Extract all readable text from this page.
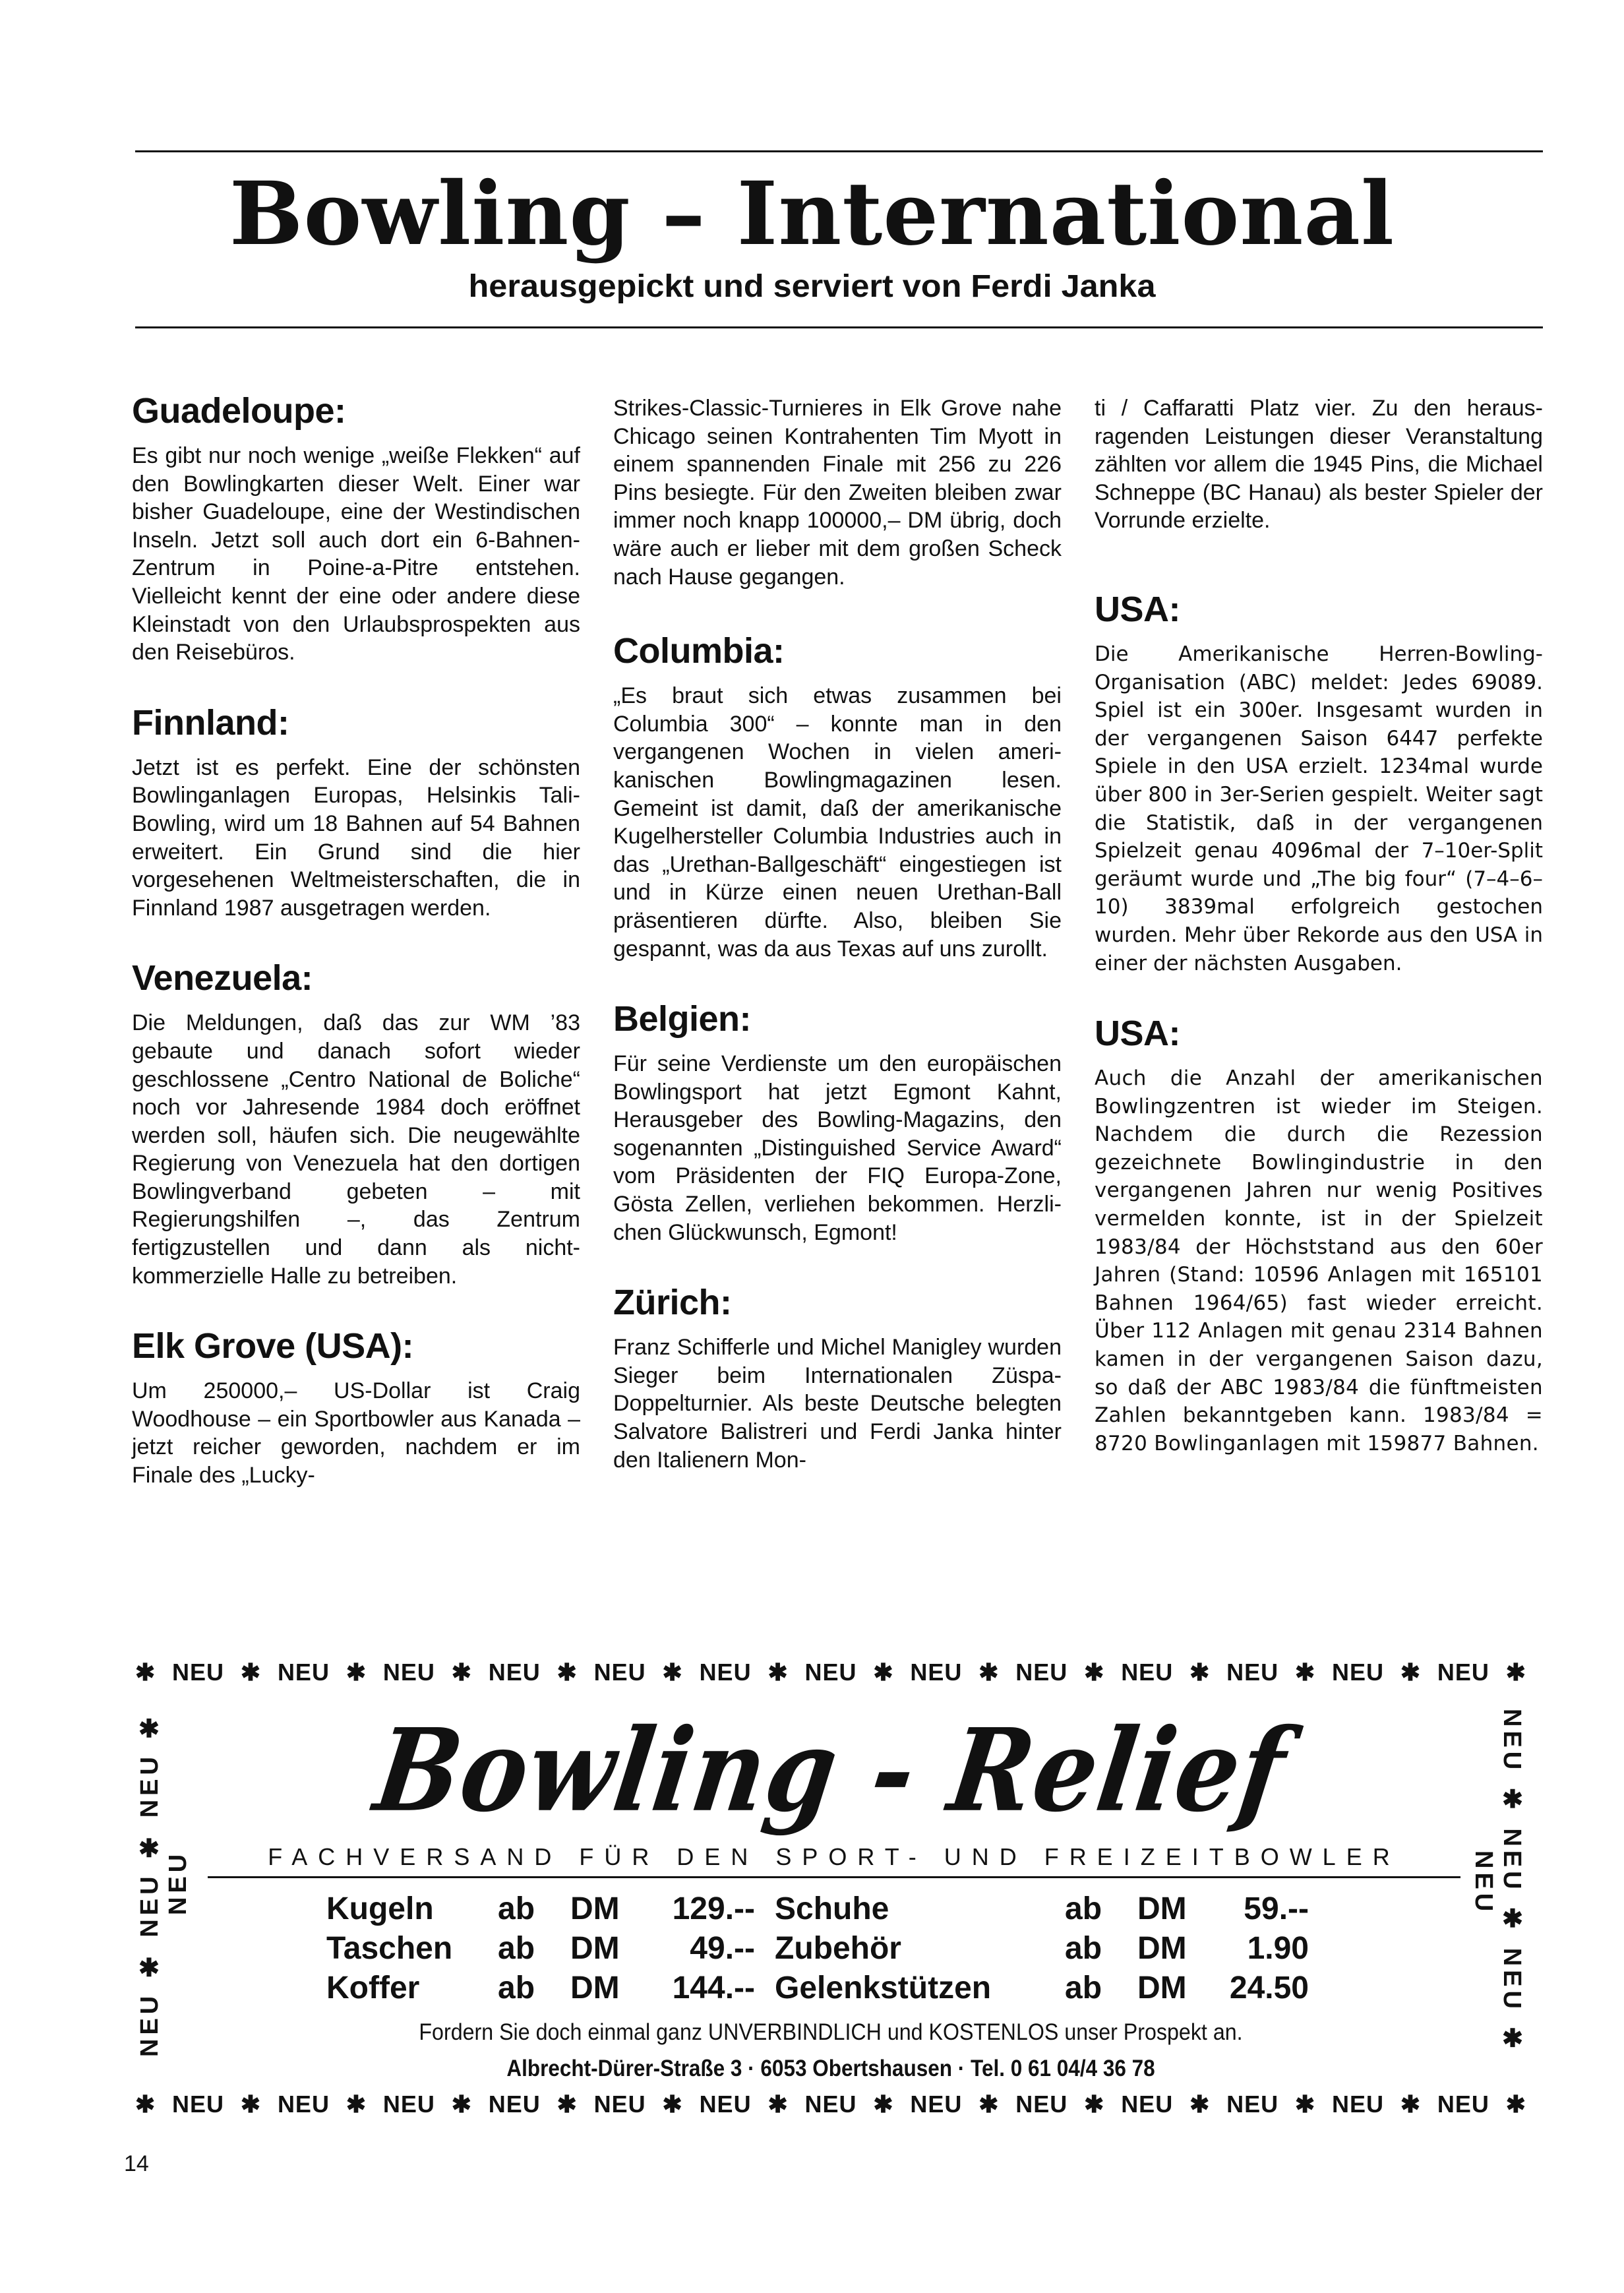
Bowling – International
herausgepickt und serviert von Ferdi Janka
Guadeloupe:

Es gibt nur noch wenige „weiße Flekken“ auf den Bowlingkarten dieser Welt. Einer war bisher Guadeloupe, eine der Westindischen Inseln. Jetzt soll auch dort ein 6-Bahnen-Zentrum in Poine-a-Pitre entstehen. Vielleicht kennt der eine oder andere diese Kleinstadt von den Urlaubsprospekten aus den Reisebüros.

Finnland:

Jetzt ist es perfekt. Eine der schönsten Bowlinganlagen Europas, Helsinkis Tali-Bowling, wird um 18 Bahnen auf 54 Bahnen erweitert. Ein Grund sind die hier vorgesehenen Weltmeisterschaften, die in Finnland 1987 ausgetragen werden.

Venezuela:

Die Meldungen, daß das zur WM ’83 gebaute und danach sofort wieder geschlossene „Centro National de Boliche“ noch vor Jahresende 1984 doch eröffnet werden soll, häufen sich. Die neugewählte Regierung von Venezuela hat den dortigen Bowlingverband gebeten – mit Regierungshilfen –, das Zentrum fertigzustellen und dann als nicht-kommerzielle Halle zu betreiben.

Elk Grove (USA):

Um 250000,– US-Dollar ist Craig Woodhouse – ein Sportbowler aus Kanada – jetzt reicher geworden, nachdem er im Finale des „Lucky-

Strikes-Classic-Turnieres in Elk Grove nahe Chicago seinen Kontrahenten Tim Myott in einem spannenden Finale mit 256 zu 226 Pins besiegte. Für den Zweiten bleiben zwar immer noch knapp 100000,– DM übrig, doch wäre auch er lieber mit dem großen Scheck nach Hause gegangen.

Columbia:

„Es braut sich etwas zusammen bei Columbia 300“ – konnte man in den vergangenen Wochen in vielen amerikanischen Bowlingmagazinen lesen. Gemeint ist damit, daß der amerikanische Kugelhersteller Columbia Industries auch in das „Urethan-Ballgeschäft“ eingestiegen ist und in Kürze einen neuen Urethan-Ball präsentieren dürfte. Also, bleiben Sie gespannt, was da aus Texas auf uns zurollt.

Belgien:

Für seine Verdienste um den europäischen Bowlingsport hat jetzt Egmont Kahnt, Herausgeber des Bowling-Magazins, den sogenannten „Distinguished Service Award“ vom Präsidenten der FIQ Europa-Zone, Gösta Zellen, verliehen bekommen. Herzlichen Glückwunsch, Egmont!

Zürich:

Franz Schifferle und Michel Manigley wurden Sieger beim Internationalen Züspa-Doppelturnier. Als beste Deutsche belegten Salvatore Balistreri und Ferdi Janka hinter den Italienern Mon-

ti / Caffaratti Platz vier. Zu den herausragenden Leistungen dieser Veranstaltung zählten vor allem die 1945 Pins, die Michael Schneppe (BC Hanau) als bester Spieler der Vorrunde erzielte.

USA:

Die Amerikanische Herren-Bowling-Organisation (ABC) meldet: Jedes 69089. Spiel ist ein 300er. Insgesamt wurden in der vergangenen Saison 6447 perfekte Spiele in den USA erzielt. 1234mal wurde über 800 in 3er-Serien gespielt. Weiter sagt die Statistik, daß in der vergangenen Spielzeit genau 4096mal der 7–10er-Split geräumt wurde und „The big four“ (7–4–6–10) 3839mal erfolgreich gestochen wurden. Mehr über Rekorde aus den USA in einer der nächsten Ausgaben.

USA:

Auch die Anzahl der amerikanischen Bowlingzentren ist wieder im Steigen. Nachdem die durch die Rezession gezeichnete Bowlingindustrie in den vergangenen Jahren nur wenig Positives vermelden konnte, ist in der Spielzeit 1983/84 der Höchststand aus den 60er Jahren (Stand: 10596 Anlagen mit 165101 Bahnen 1964/65) fast wieder erreicht. Über 112 Anlagen mit genau 2314 Bahnen kamen in der vergangenen Saison dazu, so daß der ABC 1983/84 die fünftmeisten Zahlen bekanntgeben kann. 1983/84 = 8720 Bowlinganlagen mit 159877 Bahnen.

✱ NEU ✱ NEU ✱ NEU ✱ NEU ✱ NEU ✱ NEU ✱ NEU ✱ NEU ✱ NEU ✱ NEU ✱ NEU ✱ NEU ✱ NEU ✱
NEU ✱ NEU ✱ NEU ✱ NEU	NEU ✱ NEU ✱ NEU ✱ NEU
Bowling - Relief
FACHVERSAND FÜR DEN SPORT- UND FREIZEITBOWLER
Kugeln	ab	DM	129.-- Schuhe	ab	DM	59.--
Taschen	ab	DM	49.-- Zubehör	ab	DM	1.90
Koffer	ab	DM	144.-- Gelenkstützen	ab	DM	24.50
Fordern Sie doch einmal ganz UNVERBINDLICH und KOSTENLOS unser Prospekt an.
Albrecht-Dürer-Straße 3 · 6053 Obertshausen · Tel. 0 61 04/4 36 78
✱ NEU ✱ NEU ✱ NEU ✱ NEU ✱ NEU ✱ NEU ✱ NEU ✱ NEU ✱ NEU ✱ NEU ✱ NEU ✱ NEU ✱ NEU ✱
14
